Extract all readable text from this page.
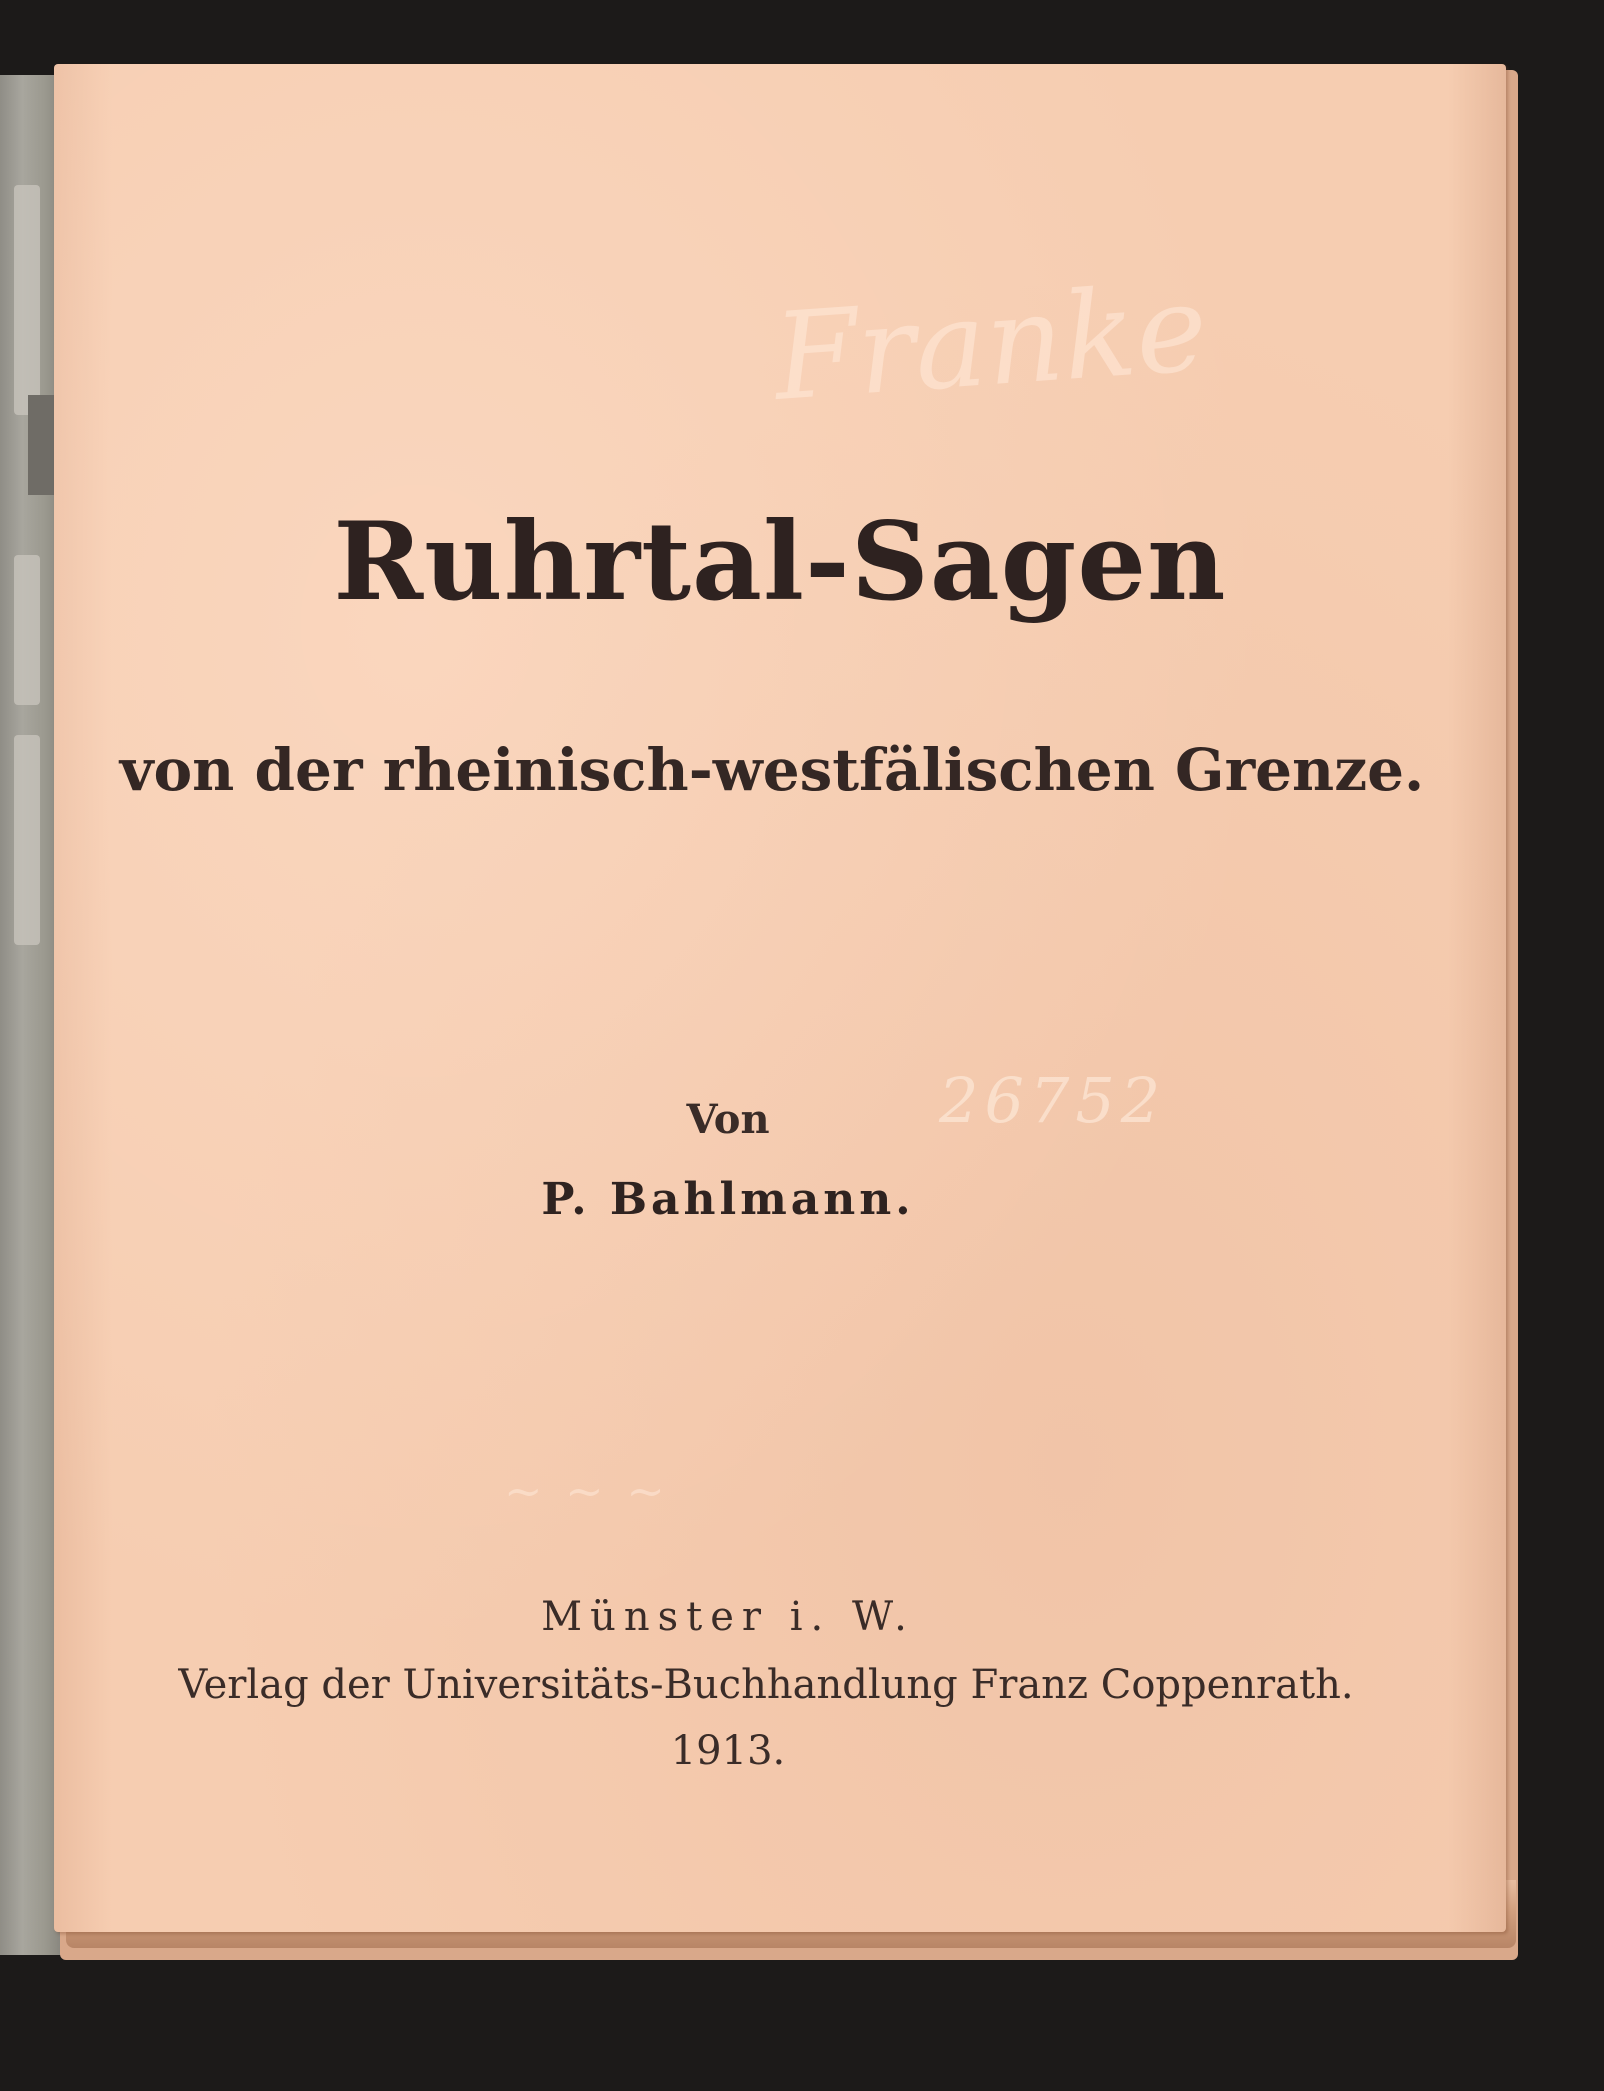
Franke
26752
~ ~ ~
Ruhrtal-Sagen
von der rheinisch-westfälischen Grenze.
Von
P. Bahlmann.
Münster i. W.
Verlag der Universitäts-Buchhandlung Franz Coppenrath.
1913.
